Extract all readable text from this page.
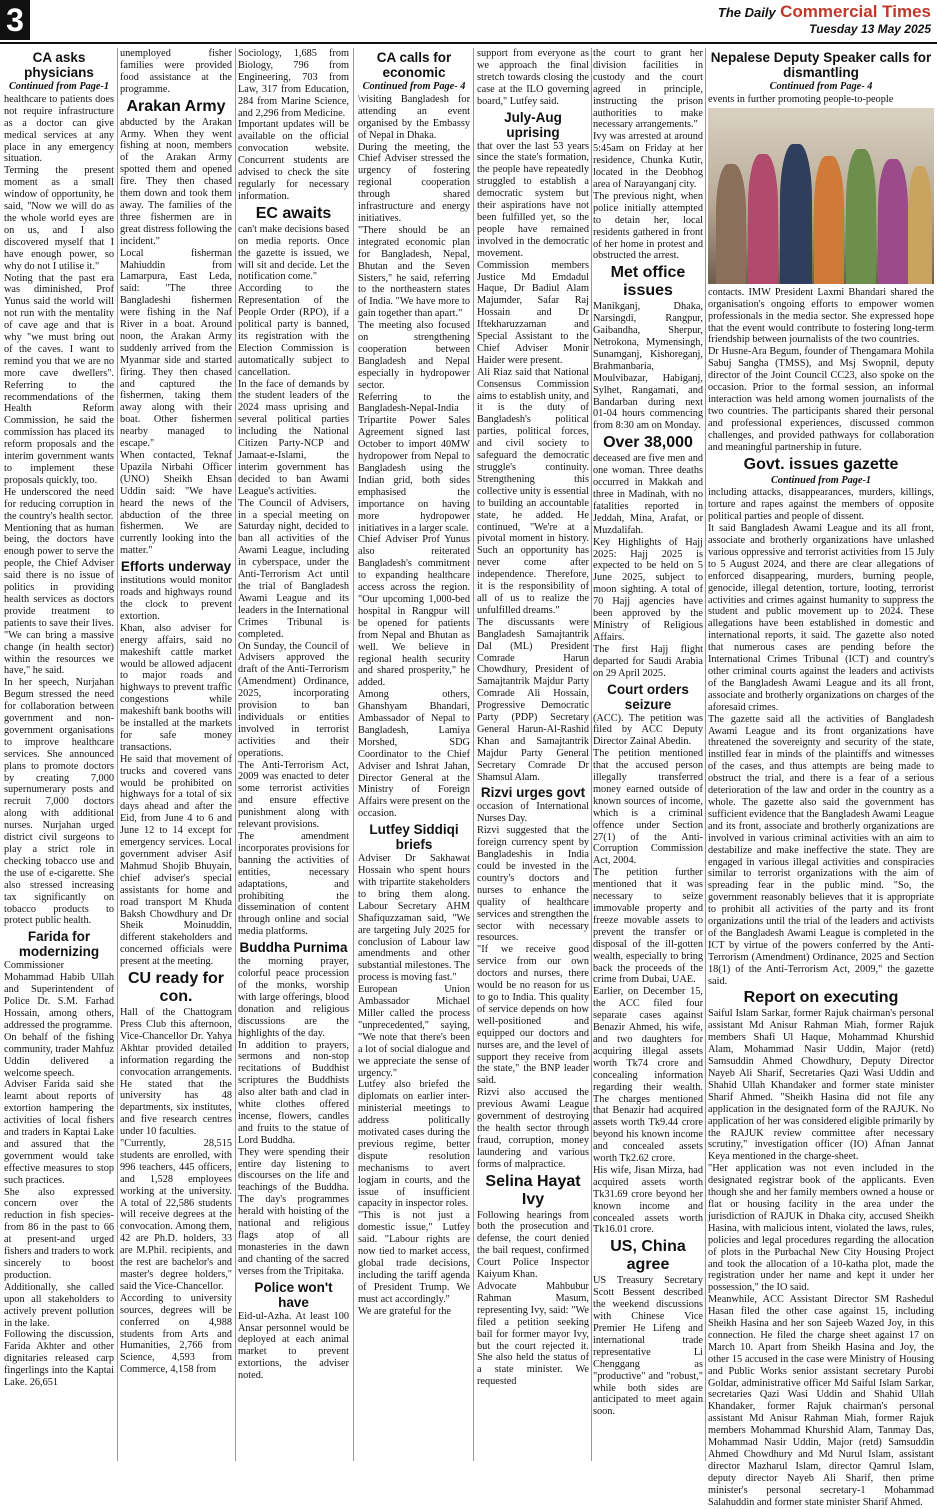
3	The Daily Commercial Times
Tuesday 13 May 2025
CA asks physicians
Continued from Page-1

healthcare to patients does not require infrastructure as a doctor can give medical services at any place in any emergency situation.

Terming the present moment as a small window of opportunity, he said, "Now we will do as the whole world eyes are on us, and I also discovered myself that I have enough power, so why do not I utilise it."

Noting that the past era was diminished, Prof Yunus said the world will not run with the mentality of cave age and that is why "we must bring out of the caves. I want to remind you that we are no more cave dwellers". Referring to the recommendations of the Health Reform Commission, he said the commission has placed its reform proposals and the interim government wants to implement these proposals quickly, too.

He underscored the need for reducing corruption in the country's health sector.

Mentioning that as human being, the doctors have enough power to serve the people, the Chief Adviser said there is no issue of politics in providing health services as doctors provide treatment to patients to save their lives. "We can bring a massive change (in health sector) within the resources we have," he said.

In her speech, Nurjahan Begum stressed the need for collaboration between government and non-government organisations to improve healthcare services. She announced plans to promote doctors by creating 7,000 supernumerary posts and recruit 7,000 doctors along with additional nurses. Nurjahan urged district civil surgeons to play a strict role in checking tobacco use and the use of e-cigarette. She also stressed increasing tax significantly on tobacco products to protect public health.

Farida for modernizing

Commissioner Mohammad Habib Ullah and Superintendent of Police Dr. S.M. Farhad Hossain, among others, addressed the programme.

On behalf of the fishing community, trader Mahfuz Uddin delivered a welcome speech.

Adviser Farida said she learnt about reports of extortion hampering the activities of local fishers and traders in Kaptai Lake and assured that the government would take effective measures to stop such practices.

She also expressed concern over the reduction in fish species-from 86 in the past to 66 at present-and urged fishers and traders to work sincerely to boost production.

Additionally, she called upon all stakeholders to actively prevent pollution in the lake.

Following the discussion, Farida Akhter and other dignitaries released carp fingerlings into the Kaptai Lake. 26,651

unemployed fisher families were provided food assistance at the programme.

Arakan Army

abducted by the Arakan Army. When they went fishing at noon, members of the Arakan Army spotted them and opened fire. They then chased them down and took them away. The families of the three fishermen are in great distress following the incident."

Local fisherman Mahiuddin from Lamarpura, East Leda, said: "The three Bangladeshi fishermen were fishing in the Naf River in a boat. Around noon, the Arakan Army suddenly arrived from the Myanmar side and started firing. They then chased and captured the fishermen, taking them away along with their boat. Other fishermen nearby managed to escape."

When contacted, Teknaf Upazila Nirbahi Officer (UNO) Sheikh Ehsan Uddin said: "We have heard the news of the abduction of the three fishermen. We are currently looking into the matter."

Efforts underway

institutions would monitor roads and highways round the clock to prevent extortion.

Khan, also adviser for energy affairs, said no makeshift cattle market would be allowed adjacent to major roads and highways to prevent traffic congestions while makeshift bank booths will be installed at the markets for safe money transactions.

He said that movement of trucks and covered vans would be prohibited on highways for a total of six days ahead and after the Eid, from June 4 to 6 and June 12 to 14 except for emergency services. Local government adviser Asif Mahmud Shojib Bhuyain, chief adviser's special assistants for home and road transport M Khuda Baksh Chowdhury and Dr Sheik Moinuddin, different stakeholders and concerned officials were present at the meeting.

CU ready for con.

Hall of the Chattogram Press Club this afternoon, Vice-Chancellor Dr. Yahya Akhtar provided detailed information regarding the convocation arrangements. He stated that the university has 48 departments, six institutes, and five research centres under 10 faculties.

"Currently, 28,515 students are enrolled, with 996 teachers, 445 officers, and 1,528 employees working at the university. A total of 22,586 students will receive degrees at the convocation. Among them, 42 are Ph.D. holders, 33 are M.Phil. recipients, and the rest are bachelor's and master's degree holders," said the Vice-Chancellor.

According to university sources, degrees will be conferred on 4,988 students from Arts and Humanities, 2,766 from Science, 4,593 from Commerce, 4,158 from

Sociology, 1,685 from Biology, 796 from Engineering, 703 from Law, 317 from Education, 284 from Marine Science, and 2,296 from Medicine.

Important updates will be available on the official convocation website. Concurrent students are advised to check the site regularly for necessary information.

EC awaits

can't make decisions based on media reports. Once the gazette is issued, we will sit and decide. Let the notification come."

According to the Representation of the People Order (RPO), if a political party is banned, its registration with the Election Commission is automatically subject to cancellation.

In the face of demands by the student leaders of the 2024 mass uprising and several political parties including the National Citizen Party-NCP and Jamaat-e-Islami, the interim government has decided to ban Awami League's activities.

The Council of Advisers, in a special meeting on Saturday night, decided to ban all activities of the Awami League, including in cyberspace, under the Anti-Terrorism Act until the trial of Bangladesh Awami League and its leaders in the International Crimes Tribunal is completed.

On Sunday, the Council of Advisers approved the draft of the Anti-Terrorism (Amendment) Ordinance, 2025, incorporating provision to ban individuals or entities involved in terrorist activities and their operations.

The Anti-Terrorism Act, 2009 was enacted to deter some terrorist activities and ensure effective punishment along with relevant provisions.

The amendment incorporates provisions for banning the activities of entities, necessary adaptations, and prohibiting the dissemination of content through online and social media platforms.

Buddha Purnima

the morning prayer, colorful peace procession of the monks, worship with large offerings, blood donation and religious discussions are the highlights of the day.

In addition to prayers, sermons and non-stop recitations of Buddhist scriptures the Buddhists also alter bath and clad in white clothes offered incense, flowers, candles and fruits to the statue of Lord Buddha.

They were spending their entire day listening to discourses on the life and teachings of the Buddha. The day's programmes herald with hoisting of the national and religious flags atop of all monasteries in the dawn and chanting of the sacred verses from the Tripitaka.

Police won't have

Eid-ul-Azha. At least 100 Ansar personnel would be deployed at each animal market to prevent extortions, the adviser noted.

CA calls for economic
Continued from Page- 4

\visiting Bangladesh for attending an event organised by the Embassy of Nepal in Dhaka.

During the meeting, the Chief Adviser stressed the urgency of fostering regional cooperation through shared infrastructure and energy initiatives.

"There should be an integrated economic plan for Bangladesh, Nepal, Bhutan and the Seven Sisters," he said, referring to the northeastern states of India. "We have more to gain together than apart."

The meeting also focused on strengthening cooperation between Bangladesh and Nepal especially in hydropower sector.

Referring to the Bangladesh-Nepal-India Tripartite Power Sales Agreement signed last October to import 40MW hydropower from Nepal to Bangladesh using the Indian grid, both sides emphasised the importance on having more hydropower initiatives in a larger scale.

Chief Adviser Prof Yunus also reiterated Bangladesh's commitment to expanding healthcare access across the region. "Our upcoming 1,000-bed hospital in Rangpur will be opened for patients from Nepal and Bhutan as well. We believe in regional health security and shared prosperity," he added.

Among others, Ghanshyam Bhandari, Ambassador of Nepal to Bangladesh, Lamiya Morshed, SDG Coordinator to the Chief Adviser and Ishrat Jahan, Director General at the Ministry of Foreign Affairs were present on the occasion.

Lutfey Siddiqi briefs

Adviser Dr Sakhawat Hossain who spent hours with tripartite stakeholders to bring them along. Labour Secretary AHM Shafiquzzaman said, "We are targeting July 2025 for conclusion of Labour law amendments and other substantial milestones. The process is moving fast."

European Union Ambassador Michael Miller called the process "unprecedented," saying, "We note that there's been a lot of social dialogue and we appreciate the sense of urgency."

Lutfey also briefed the diplomats on earlier inter-ministerial meetings to address politically motivated cases during the previous regime, better dispute resolution mechanisms to avert logjam in courts, and the issue of insufficient capacity in inspector roles.

"This is not just a domestic issue," Lutfey said. "Labour rights are now tied to market access, global trade decisions, including the tariff agenda of President Trump. We must act accordingly."

We are grateful for the

support from everyone as we approach the final stretch towards closing the case at the ILO governing board," Lutfey said.

July-Aug uprising

that over the last 53 years since the state's formation, the people have repeatedly struggled to establish a democratic system but their aspirations have not been fulfilled yet, so the people have remained involved in the democratic movement.

Commission members Justice Md Emdadul Haque, Dr Badiul Alam Majumder, Safar Raj Hossain and Dr Iftekharuzzaman and Special Assistant to the Chief Adviser Monir Haider were present.

Ali Riaz said that National Consensus Commission aims to establish unity, and it is the duty of Bangladesh's political parties, political forces, and civil society to safeguard the democratic struggle's continuity. Strengthening this collective unity is essential to building an accountable state, he added. He continued, "We're at a pivotal moment in history. Such an opportunity has never come after independence. Therefore, it is the responsibility of all of us to realize the unfulfilled dreams."

The discussants were Bangladesh Samajtantrik Dal (ML) President Comrade Harun Chowdhury, President of Samajtantrik Majdur Party Comrade Ali Hossain, Progressive Democratic Party (PDP) Secretary General Harun-Al-Rashid Khan and Samajtantrik Majdur Party General Secretary Comrade Dr Shamsul Alam.

Rizvi urges govt

occasion of International Nurses Day.

Rizvi suggested that the foreign currency spent by Bangladeshis in India could be invested in the country's doctors and nurses to enhance the quality of healthcare services and strengthen the sector with necessary resources.

"If we receive good service from our own doctors and nurses, there would be no reason for us to go to India. This quality of service depends on how well-positioned and equipped our doctors and nurses are, and the level of support they receive from the state," the BNP leader said.

Rizvi also accused the previous Awami League government of destroying the health sector through fraud, corruption, money laundering and various forms of malpractice.

Selina Hayat Ivy

Following hearings from both the prosecution and defense, the court denied the bail request, confirmed Court Police Inspector Kaiyum Khan.

Advocate Mahbubur Rahman Masum, representing Ivy, said: "We filed a petition seeking bail for former mayor Ivy, but the court rejected it. She also held the status of a state minister. We requested

the court to grant her division facilities in custody and the court agreed in principle, instructing the prison authorities to make necessary arrangements."

Ivy was arrested at around 5:45am on Friday at her residence, Chunka Kutir, located in the Deobhog area of Narayanganj city.

The previous night, when police initially attempted to detain her, local residents gathered in front of her home in protest and obstructed the arrest.

Met office issues

Manikganj, Dhaka, Narsingdi, Rangpur, Gaibandha, Sherpur, Netrokona, Mymensingh, Sunamganj, Kishoreganj, Brahmanbaria, Moulvibazar, Habiganj, Sylhet, Rangamati, and Bandarban during next 01-04 hours commencing from 8:30 am on Monday.

Over 38,000

deceased are five men and one woman. Three deaths occurred in Makkah and three in Madinah, with no fatalities reported in Jeddah, Mina, Arafat, or Muzdalifah.

Key Highlights of Hajj 2025: Hajj 2025 is expected to be held on 5 June 2025, subject to moon sighting. A total of 70 Hajj agencies have been approved by the Ministry of Religious Affairs.

The first Hajj flight departed for Saudi Arabia on 29 April 2025.

Court orders seizure

(ACC). The petition was filed by ACC Deputy Director Zainal Abedin.

The petition mentioned that the accused person illegally transferred money earned outside of known sources of income, which is a criminal offence under Section 27(1) of the Anti-Corruption Commission Act, 2004.

The petition further mentioned that it was necessary to seize immovable property and freeze movable assets to prevent the transfer or disposal of the ill-gotten wealth, especially to bring back the proceeds of the crime from Dubai, UAE.

Earlier, on December 15, the ACC filed four separate cases against Benazir Ahmed, his wife, and two daughters for acquiring illegal assets worth Tk74 crore and concealing information regarding their wealth. The charges mentioned that Benazir had acquired assets worth Tk9.44 crore beyond his known income and concealed assets worth Tk2.62 crore.

His wife, Jisan Mirza, had acquired assets worth Tk31.69 crore beyond her known income and concealed assets worth Tk16.01 crore.

US, China agree

US Treasury Secretary Scott Bessent described the weekend discussions with Chinese Vice Premier He Lifeng and international trade representative Li Chenggang as "productive" and "robust," while both sides are anticipated to meet again soon.

Nepalese Deputy Speaker calls for dismantling
Continued from Page- 4

events in further promoting people-to-people

contacts. IMW President Laxmi Bhandari shared the organisation's ongoing efforts to empower women professionals in the media sector. She expressed hope that the event would contribute to fostering long-term friendship between journalists of the two countries.

Dr Husne-Ara Begum, founder of Thengamara Mohila Sabuj Sangha (TMSS), and Msj Swopnil, deputy director of the Joint Council CC23, also spoke on the occasion. Prior to the formal session, an informal interaction was held among women journalists of the two countries. The participants shared their personal and professional experiences, discussed common challenges, and provided pathways for collaboration and meaningful partnership in future.

Govt. issues gazette
Continued from Page-1

including attacks, disappearances, murders, killings, torture and rapes against the members of opposite political parties and people of dissent.

It said Bangladesh Awami League and its all front, associate and brotherly organizations have unlashed various oppressive and terrorist activities from 15 July to 5 August 2024, and there are clear allegations of enforced disappearing, murders, burning people, genocide, illegal detention, torture, looting, terrorist activities and crimes against humanity to suppress the student and public movement up to 2024. These allegations have been established in domestic and international reports, it said. The gazette also noted that numerous cases are pending before the International Crimes Tribunal (ICT) and country's other criminal courts against the leaders and activists of the Bangladesh Awami League and its all front, associate and brotherly organizations on charges of the aforesaid crimes.

The gazette said all the activities of Bangladesh Awami League and its front organizations have threatened the sovereignty and security of the state, instilled fear in minds of the plaintiffs and witnesses of the cases, and thus attempts are being made to obstruct the trial, and there is a fear of a serious deterioration of the law and order in the country as a whole. The gazette also said the government has sufficient evidence that the Bangladesh Awami League and its front, associate and brotherly organizations are involved in various criminal activities with an aim to destabilize and make ineffective the state. They are engaged in various illegal activities and conspiracies similar to terrorist organizations with the aim of spreading fear in the public mind. "So, the government reasonably believes that it is appropriate to prohibit all activities of the party and its front organizations until the trial of the leaders and activists of the Bangladesh Awami League is completed in the ICT by virtue of the powers conferred by the Anti-Terrorism (Amendment) Ordinance, 2025 and Section 18(1) of the Anti-Terrorism Act, 2009," the gazette said.

Report on executing

Saiful Islam Sarkar, former Rajuk chairman's personal assistant Md Anisur Rahman Miah, former Rajuk members Shafi Ul Haque, Mohammad Khurshid Alam, Mohammad Nasir Uddin, Major (retd) Samsuddin Ahmed Chowdhury, Deputy Director Nayeb Ali Sharif, Secretaries Qazi Wasi Uddin and Shahid Ullah Khandaker and former state minister Sharif Ahmed. "Sheikh Hasina did not file any application in the designated form of the RAJUK. No application of her was considered eligible primarily by the RAJUK review committee after necessary scrutiny," investigation officer (IO) Afnan Jannat Keya mentioned in the charge-sheet.

"Her application was not even included in the designated registrar book of the applicants. Even though she and her family members owned a house or flat or housing facility in the area under the jurisdiction of RAJUK in Dhaka city, accused Sheikh Hasina, with malicious intent, violated the laws, rules, policies and legal procedures regarding the allocation of plots in the Purbachal New City Housing Project and took the allocation of a 10-katha plot, made the registration under her name and kept it under her possession," the IO said.

Meanwhile, ACC Assistant Director SM Rashedul Hasan filed the other case against 15, including Sheikh Hasina and her son Sajeeb Wazed Joy, in this connection. He filed the charge sheet against 17 on March 10. Apart from Sheikh Hasina and Joy, the other 15 accused in the case were Ministry of Housing and Public Works senior assistant secretary Purobi Goldar, administrative officer Md Saiful Islam Sarkar, secretaries Qazi Wasi Uddin and Shahid Ullah Khandaker, former Rajuk chairman's personal assistant Md Anisur Rahman Miah, former Rajuk members Mohammad Khurshid Alam, Tanmay Das, Mohammad Nasir Uddin, Major (retd) Samsuddin Ahmed Chowdhury and Md Nurul Islam, assistant director Mazharul Islam, director Qamrul Islam, deputy director Nayeb Ali Sharif, then prime minister's personal secretary-1 Mohammad Salahuddin and former state minister Sharif Ahmed.
